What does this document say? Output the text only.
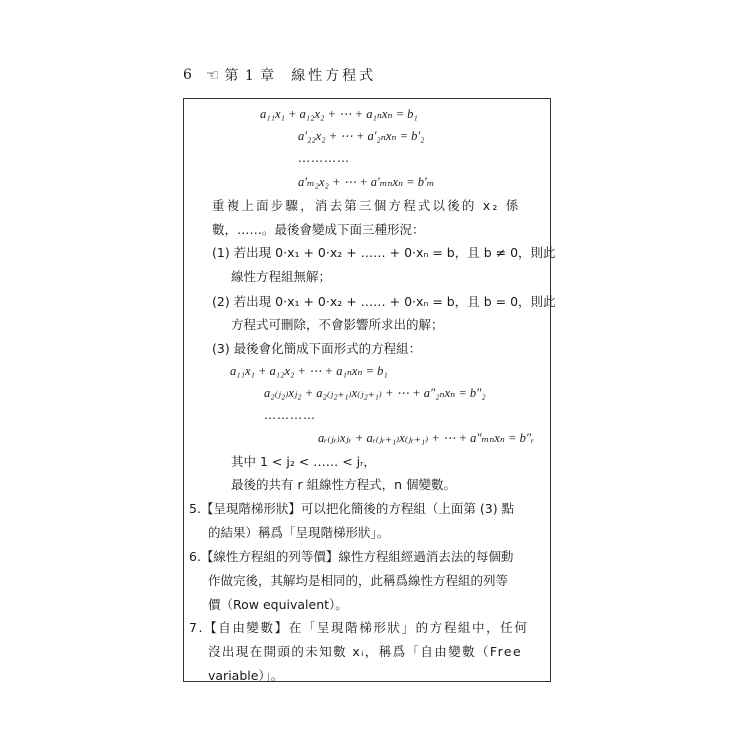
6 ☜ 第 1 章 線性方程式
a₁₁x₁ + a₁₂x₂ + ⋯ + a₁ₙxₙ = b₁
a′₂₂x₂ + ⋯ + a′₂ₙxₙ = b′₂
…………
a′ₘ₂x₂ + ⋯ + a′ₘₙxₙ = b′ₘ
重複上面步驟，消去第三個方程式以後的 x₂ 係
數，……。最後會變成下面三種形況：
(1) 若出現 0·x₁ + 0·x₂ + …… + 0·xₙ = b，且 b ≠ 0，則此
線性方程組無解；
(2) 若出現 0·x₁ + 0·x₂ + …… + 0·xₙ = b，且 b = 0，則此
方程式可刪除，不會影響所求出的解；
(3) 最後會化簡成下面形式的方程組：
a₁₁x₁ + a₁₂x₂ + ⋯ + a₁ₙxₙ = b₁
a₂₍ⱼ₂₎xⱼ₂ + a₂₍ⱼ₂₊₁₎x₍ⱼ₂₊₁₎ + ⋯ + a″₂ₙxₙ = b″₂
…………
aᵣ₍ⱼᵣ₎xⱼᵣ + aᵣ₍ⱼᵣ₊₁₎x₍ⱼᵣ₊₁₎ + ⋯ + a″ₘₙxₙ = b″ᵣ
其中 1 < j₂ < …… < jᵣ，
最後的共有 r 組線性方程式，n 個變數。
5.【呈現階梯形狀】可以把化簡後的方程組（上面第 (3) 點
的結果）稱爲「呈現階梯形狀」。
6.【線性方程組的列等價】線性方程組經過消去法的每個動
作做完後，其解均是相同的，此稱爲線性方程組的列等
價（Row equivalent）。
7.【自由變數】在「呈現階梯形狀」的方程組中，任何
沒出現在開頭的未知數 xᵢ，稱爲「自由變數（Free
variable）」。
